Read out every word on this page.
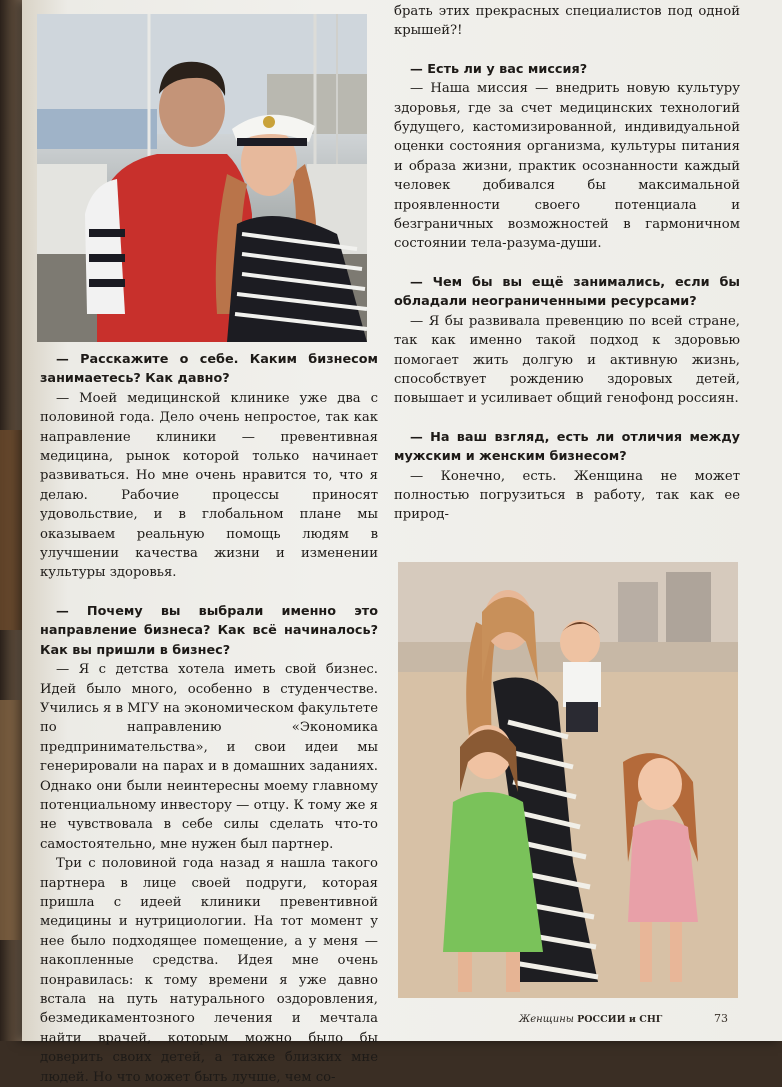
брать этих прекрасных специалистов под одной крышей?!

— Есть ли у вас миссия?

— Наша миссия — внедрить новую культуру здоровья, где за счет медицинских технологий будущего, кастомизированной, индивидуальной оценки состояния организма, культуры питания и образа жизни, практик осознанности каждый человек добивался бы максимальной проявленности своего потенциала и безграничных возможностей в гармоничном состоянии тела-разума-души.

— Чем бы вы ещё занимались, если бы обладали неограниченными ресурсами?

— Я бы развивала превенцию по всей стране, так как именно такой подход к здоровью помогает жить долгую и активную жизнь, способствует рождению здоровых детей, повышает и усиливает общий генофонд россиян.

— На ваш взгляд, есть ли отличия между мужским и женским бизнесом?

— Конечно, есть. Женщина не может полностью погрузиться в работу, так как ее природ-

— Расскажите о себе. Каким бизнесом занимаетесь? Как давно?

— Моей медицинской клинике уже два с половиной года. Дело очень непростое, так как направление клиники — превентивная медицина, рынок которой только начинает развиваться. Но мне очень нравится то, что я делаю. Рабочие процессы приносят удовольствие, и в глобальном плане мы оказываем реальную помощь людям в улучшении качества жизни и изменении культуры здоровья.

— Почему вы выбрали именно это направление бизнеса? Как всё начиналось? Как вы пришли в бизнес?

— Я с детства хотела иметь свой бизнес. Идей было много, особенно в студенчестве. Учились я в МГУ на экономическом факультете по направлению «Экономика предпринимательства», и свои идеи мы генерировали на парах и в домашних заданиях. Однако они были неинтересны моему главному потенциальному инвестору — отцу. К тому же я не чувствовала в себе силы сделать что-то самостоятельно, мне нужен был партнер.

Три с половиной года назад я нашла такого партнера в лице своей подруги, которая пришла с идеей клиники превентивной медицины и нутрициологии. На тот момент у нее было подходящее помещение, а у меня — накопленные средства. Идея мне очень понравилась: к тому времени я уже давно встала на путь натурального оздоровления, безмедикаментозного лечения и мечтала найти врачей, которым можно было бы доверить своих детей, а также близких мне людей. Но что может быть лучше, чем со-

Женщины РОССИИ и СНГ	73
